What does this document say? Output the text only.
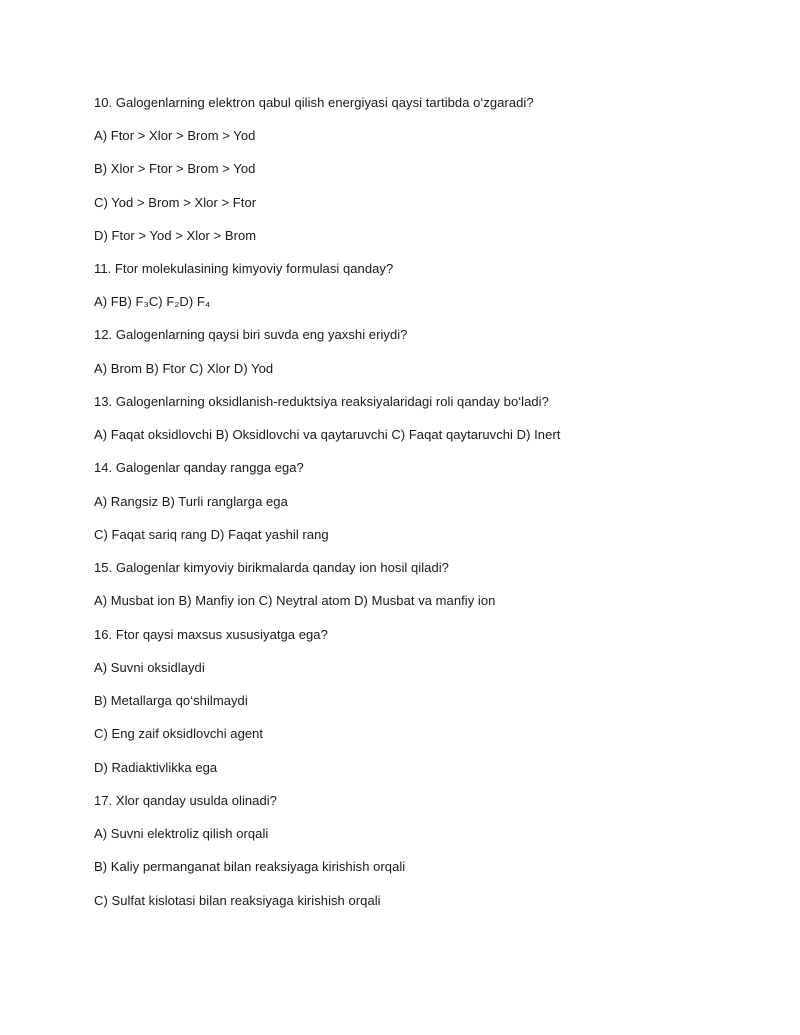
10. Galogenlarning elektron qabul qilish energiyasi qaysi tartibda o‘zgaradi?
A) Ftor > Xlor > Brom > Yod
B) Xlor > Ftor > Brom > Yod
C) Yod > Brom > Xlor > Ftor
D) Ftor > Yod > Xlor > Brom
11. Ftor molekulasining kimyoviy formulasi qanday?
A) FB) F₃C) F₂D) F₄
12. Galogenlarning qaysi biri suvda eng yaxshi eriydi?
A) Brom B) Ftor C) Xlor D) Yod
13. Galogenlarning oksidlanish-reduktsiya reaksiyalaridagi roli qanday bo‘ladi?
A) Faqat oksidlovchi B) Oksidlovchi va qaytaruvchi C) Faqat qaytaruvchi D) Inert
14. Galogenlar qanday rangga ega?
A) Rangsiz B) Turli ranglarga ega
C) Faqat sariq rang D) Faqat yashil rang
15. Galogenlar kimyoviy birikmalarda qanday ion hosil qiladi?
A) Musbat ion B) Manfiy ion C) Neytral atom D) Musbat va manfiy ion
16. Ftor qaysi maxsus xususiyatga ega?
A) Suvni oksidlaydi
B) Metallarga qo‘shilmaydi
C) Eng zaif oksidlovchi agent
D) Radiaktivlikka ega
17. Xlor qanday usulda olinadi?
A) Suvni elektroliz qilish orqali
B) Kaliy permanganat bilan reaksiyaga kirishish orqali
C) Sulfat kislotasi bilan reaksiyaga kirishish orqali
